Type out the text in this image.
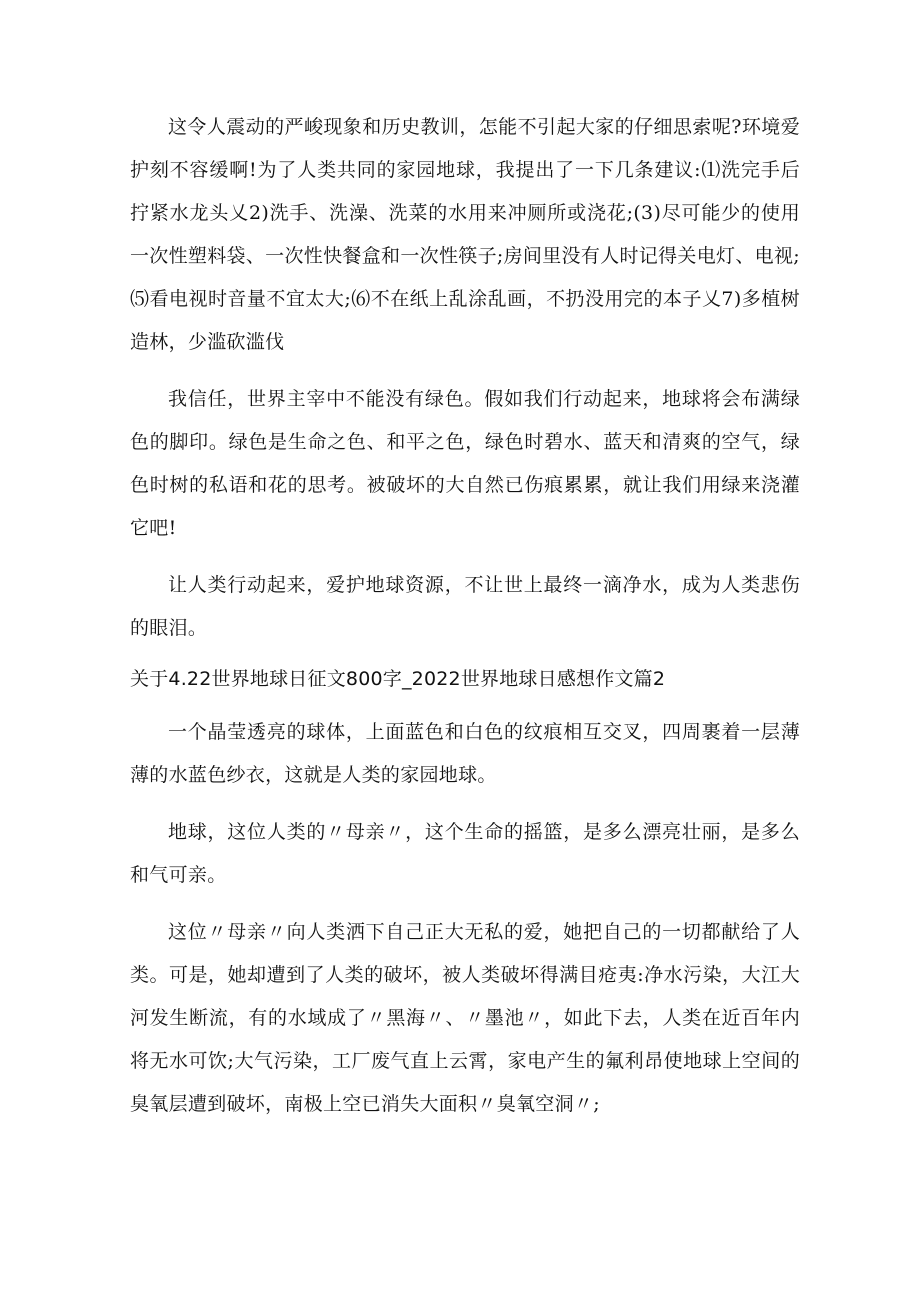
这令人震动的严峻现象和历史教训，怎能不引起大家的仔细思索呢?环境爱护刻不容缓啊!为了人类共同的家园地球，我提出了一下几条建议:⑴洗完手后拧紧水龙头乂2)洗手、洗澡、洗菜的水用来冲厕所或浇花;(3)尽可能少的使用一次性塑料袋、一次性快餐盒和一次性筷子;房间里没有人时记得关电灯、电视;⑸看电视时音量不宜太大;⑹不在纸上乱涂乱画，不扔没用完的本子乂7)多植树造林，少滥砍滥伐

我信任，世界主宰中不能没有绿色。假如我们行动起来，地球将会布满绿色的脚印。绿色是生命之色、和平之色，绿色时碧水、蓝天和清爽的空气，绿色时树的私语和花的思考。被破坏的大自然已伤痕累累，就让我们用绿来浇灌它吧!

让人类行动起来，爱护地球资源，不让世上最终一滴净水，成为人类悲伤的眼泪。

关于4.22世界地球日征文800字_2022世界地球日感想作文篇2

一个晶莹透亮的球体，上面蓝色和白色的纹痕相互交叉，四周裹着一层薄薄的水蓝色纱衣，这就是人类的家园地球。

地球，这位人类的〃母亲〃，这个生命的摇篮，是多么漂亮壮丽，是多么和气可亲。

这位〃母亲〃向人类洒下自己正大无私的爱，她把自己的一切都献给了人类。可是，她却遭到了人类的破坏，被人类破坏得满目疮夷:净水污染，大江大河发生断流，有的水域成了〃黑海〃、〃墨池〃，如此下去，人类在近百年内将无水可饮;大气污染，工厂废气直上云霄，家电产生的氟利昂使地球上空间的臭氧层遭到破坏，南极上空已消失大面积〃臭氧空洞〃;
